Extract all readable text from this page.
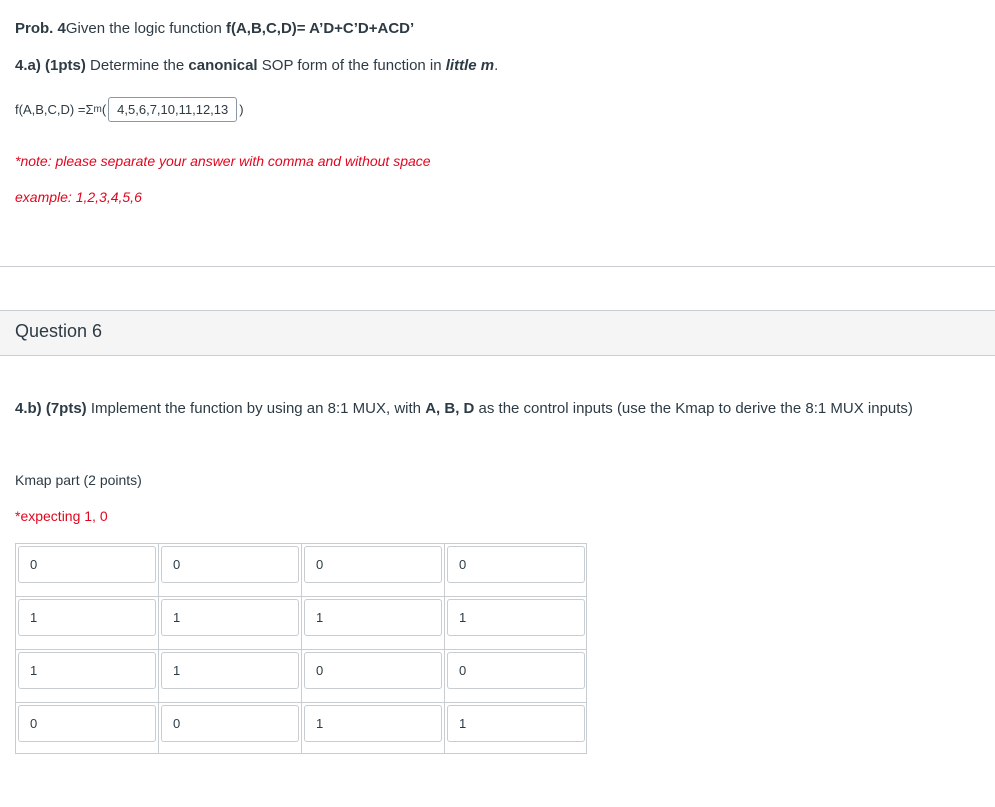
Prob. 4Given the logic function f(A,B,C,D)= A’D+C’D+ACD’
4.a) (1pts) Determine the canonical SOP form of the function in little m.
f(A,B,C,D) = Σ m ( 4,5,6,7,10,11,12,13 )
*note: please separate your answer with comma and without space
example: 1,2,3,4,5,6
Question 6
4.b) (7pts) Implement the function by using an 8:1 MUX, with A, B, D as the control inputs (use the Kmap to derive the 8:1 MUX inputs)
Kmap part (2 points)
*expecting 1, 0
0	0	0	0
1	1	1	1
1	1	0	0
0	0	1	1
